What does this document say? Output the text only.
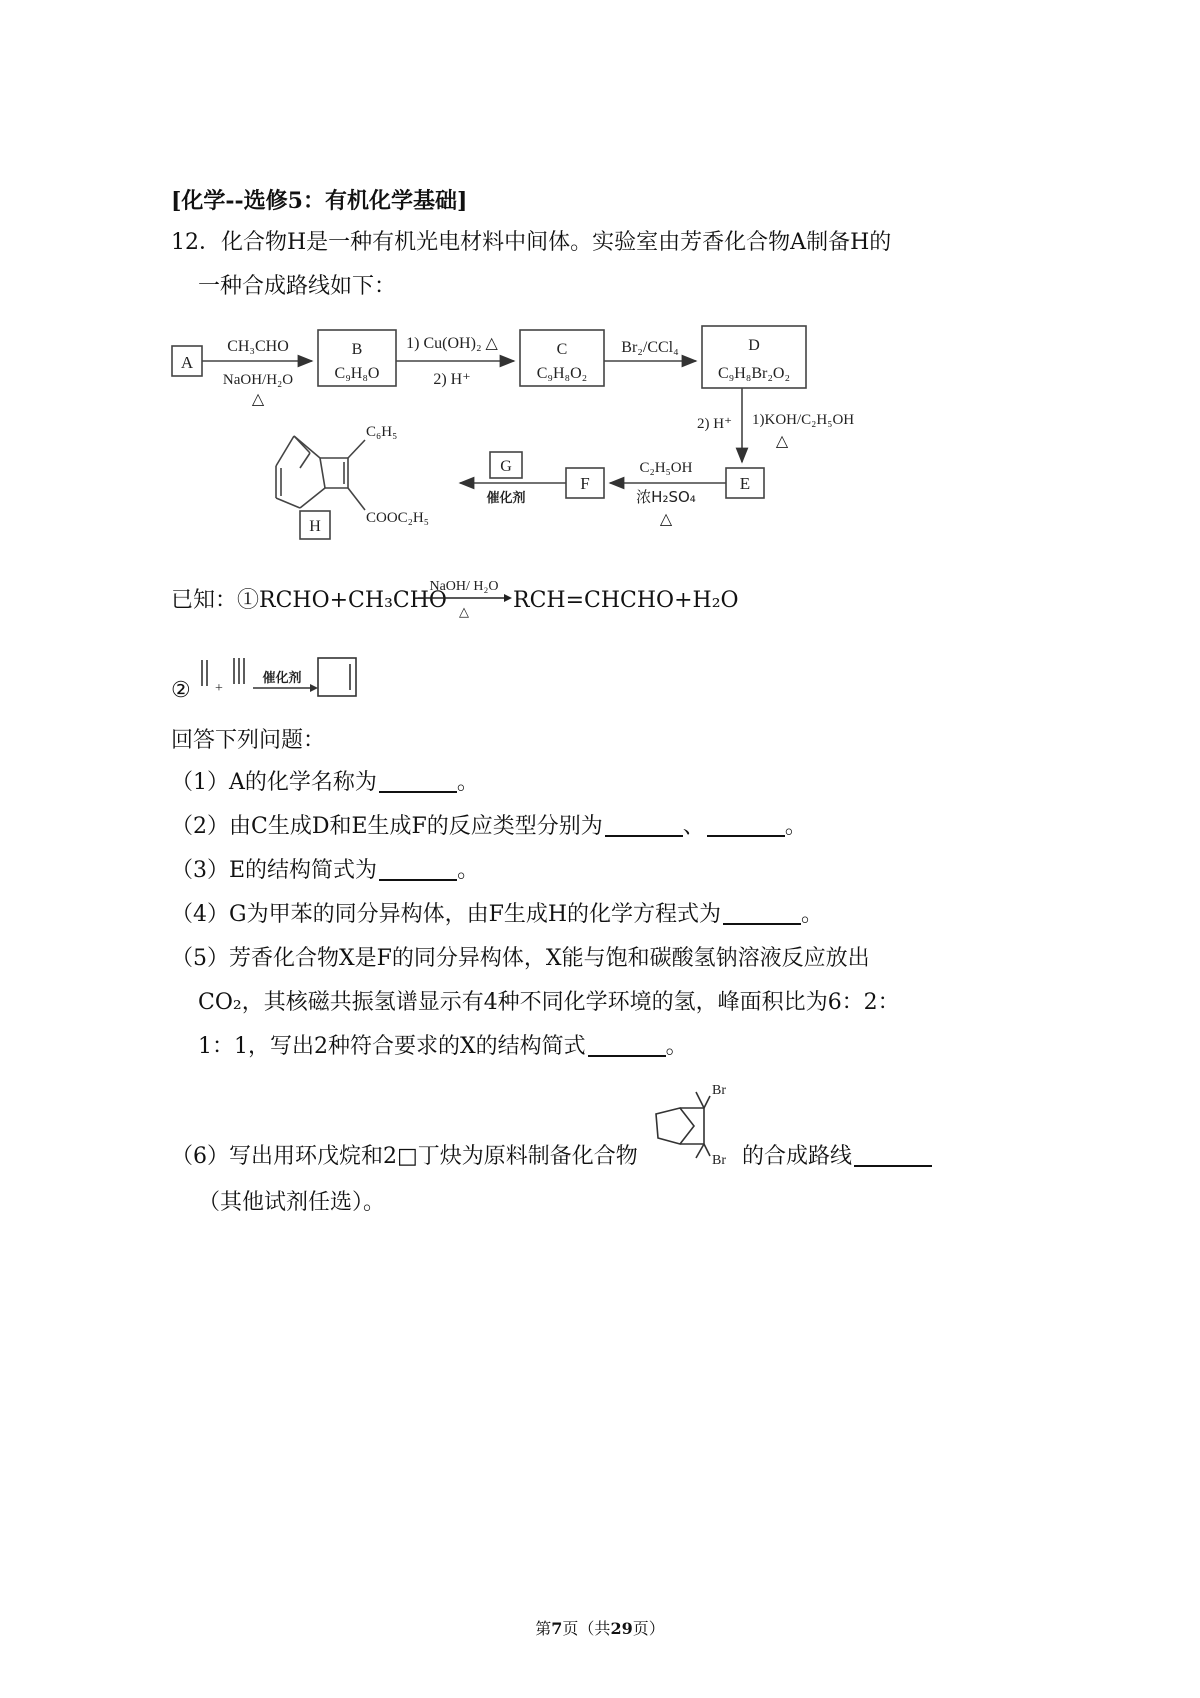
[化学--选修5：有机化学基础]
12．化合物H是一种有机光电材料中间体。实验室由芳香化合物A制备H的
一种合成路线如下：
A
B
C₉H₈O
C
C₉H₈O₂
D
C₉H₈Br₂O₂
E
F
G
H
CH₃CHO
NaOH/H₂O
△
1) Cu(OH)₂ △
2) H⁺
Br₂/CCl₄
2) H⁺ 1)KOH/C₂H₅OH
△
C₂H₅OH
浓H₂SO₄
△
催化剂
C₆H₅
COOC₂H₅
已知：①RCHO+CH₃CHO
NaOH/ H₂O
△ RCH=CHCHO+H₂O
② +
催化剂
回答下列问题：
（1）A的化学名称为	。
（2）由C生成D和E生成F的反应类型分别为	、	。
（3）E的结构简式为	。
（4）G为甲苯的同分异构体，由F生成H的化学方程式为	。
（5）芳香化合物X是F的同分异构体，X能与饱和碳酸氢钠溶液反应放出
CO₂，其核磁共振氢谱显示有4种不同化学环境的氢，峰面积比为6：2：
1：1，写出2种符合要求的X的结构简式	。
（6）写出用环戊烷和2□丁炔为原料制备化合物
Br
Br 的合成路线
（其他试剂任选）。
第7页（共29页）
